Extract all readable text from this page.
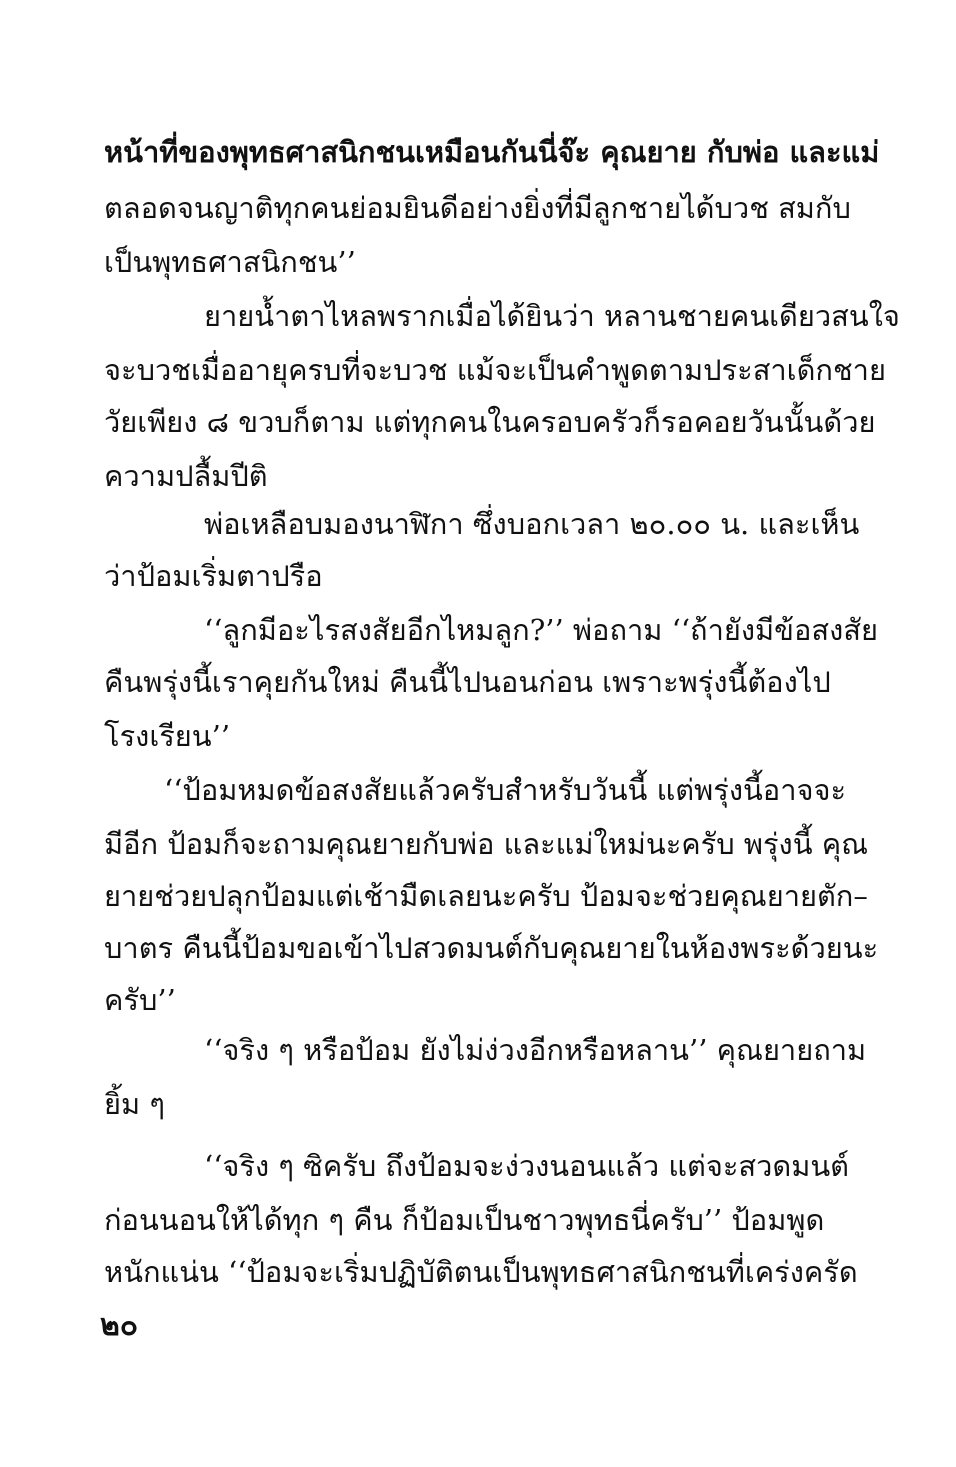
หน้าที่ของพุทธศาสนิกชนเหมือนกันนี่จ๊ะ คุณยาย กับพ่อ และแม่
ตลอดจนญาติทุกคนย่อมยินดีอย่างยิ่งที่มีลูกชายได้บวช สมกับ
เป็นพุทธศาสนิกชน’’
ยายน้ำตาไหลพรากเมื่อได้ยินว่า หลานชายคนเดียวสนใจ
จะบวชเมื่ออายุครบที่จะบวช แม้จะเป็นคำพูดตามประสาเด็กชาย
วัยเพียง ๘ ขวบก็ตาม แต่ทุกคนในครอบครัวก็รอคอยวันนั้นด้วย
ความปลื้มปีติ
พ่อเหลือบมองนาฬิกา ซึ่งบอกเวลา ๒๐.๐๐ น. และเห็น
ว่าป้อมเริ่มตาปรือ
‘‘ลูกมีอะไรสงสัยอีกไหมลูก?’’ พ่อถาม ‘‘ถ้ายังมีข้อสงสัย
คืนพรุ่งนี้เราคุยกันใหม่ คืนนี้ไปนอนก่อน เพราะพรุ่งนี้ต้องไป
โรงเรียน’’
‘‘ป้อมหมดข้อสงสัยแล้วครับสำหรับวันนี้ แต่พรุ่งนี้อาจจะ
มีอีก ป้อมก็จะถามคุณยายกับพ่อ และแม่ใหม่นะครับ พรุ่งนี้ คุณ
ยายช่วยปลุกป้อมแต่เช้ามืดเลยนะครับ ป้อมจะช่วยคุณยายตัก–
บาตร คืนนี้ป้อมขอเข้าไปสวดมนต์กับคุณยายในห้องพระด้วยนะ
ครับ’’
‘‘จริง ๆ หรือป้อม ยังไม่ง่วงอีกหรือหลาน’’ คุณยายถาม
ยิ้ม ๆ
‘‘จริง ๆ ซิครับ ถึงป้อมจะง่วงนอนแล้ว แต่จะสวดมนต์
ก่อนนอนให้ได้ทุก ๆ คืน ก็ป้อมเป็นชาวพุทธนี่ครับ’’ ป้อมพูด
หนักแน่น ‘‘ป้อมจะเริ่มปฏิบัติตนเป็นพุทธศาสนิกชนที่เคร่งครัด
๒๐
